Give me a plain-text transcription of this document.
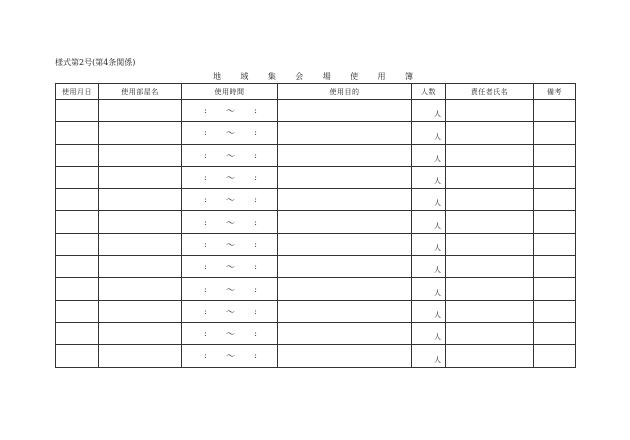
様式第2号(第4条関係)
地 域 集 会 場 使 用 簿
使用月日	使用部屋名	使用時間	使用目的	人数	責任者氏名	備考

		: 〜 :		人		

		: 〜 :		人		

		: 〜 :		人		

		: 〜 :		人		

		: 〜 :		人		

		: 〜 :		人		

		: 〜 :		人		

		: 〜 :		人		

		: 〜 :		人		

		: 〜 :		人		

		: 〜 :		人		

		: 〜 :		人		
